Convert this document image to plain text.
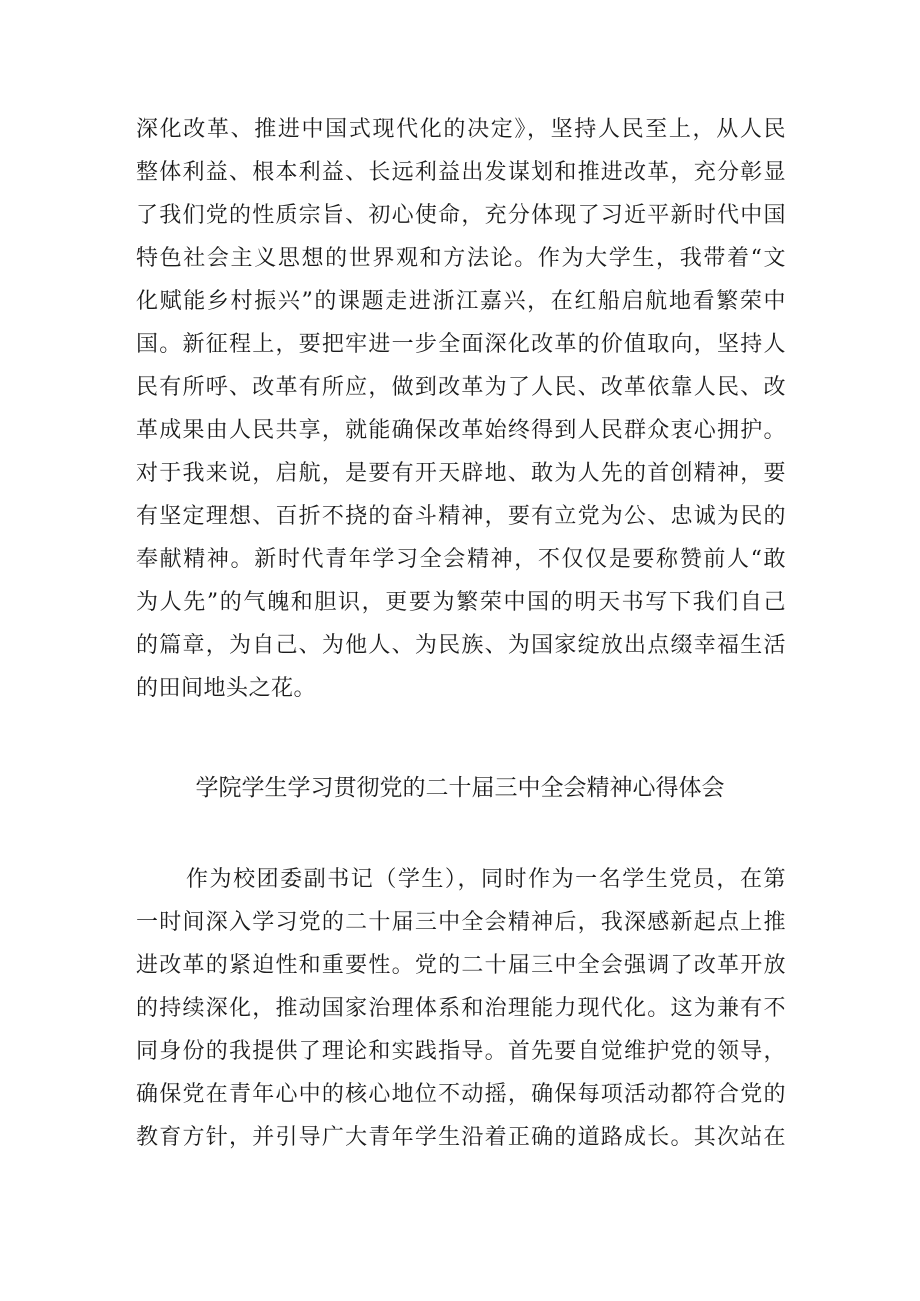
深化改革、推进中国式现代化的决定》，坚持人民至上，从人民
整体利益、根本利益、长远利益出发谋划和推进改革，充分彰显
了我们党的性质宗旨、初心使命，充分体现了习近平新时代中国
特色社会主义思想的世界观和方法论。作为大学生，我带着“文
化赋能乡村振兴”的课题走进浙江嘉兴，在红船启航地看繁荣中
国。新征程上，要把牢进一步全面深化改革的价值取向，坚持人
民有所呼、改革有所应，做到改革为了人民、改革依靠人民、改
革成果由人民共享，就能确保改革始终得到人民群众衷心拥护。
对于我来说，启航，是要有开天辟地、敢为人先的首创精神，要
有坚定理想、百折不挠的奋斗精神，要有立党为公、忠诚为民的
奉献精神。新时代青年学习全会精神，不仅仅是要称赞前人“敢
为人先”的气魄和胆识，更要为繁荣中国的明天书写下我们自己
的篇章，为自己、为他人、为民族、为国家绽放出点缀幸福生活
的田间地头之花。
学院学生学习贯彻党的二十届三中全会精神心得体会
作为校团委副书记（学生），同时作为一名学生党员，在第
一时间深入学习党的二十届三中全会精神后，我深感新起点上推
进改革的紧迫性和重要性。党的二十届三中全会强调了改革开放
的持续深化，推动国家治理体系和治理能力现代化。这为兼有不
同身份的我提供了理论和实践指导。首先要自觉维护党的领导，
确保党在青年心中的核心地位不动摇，确保每项活动都符合党的
教育方针，并引导广大青年学生沿着正确的道路成长。其次站在
